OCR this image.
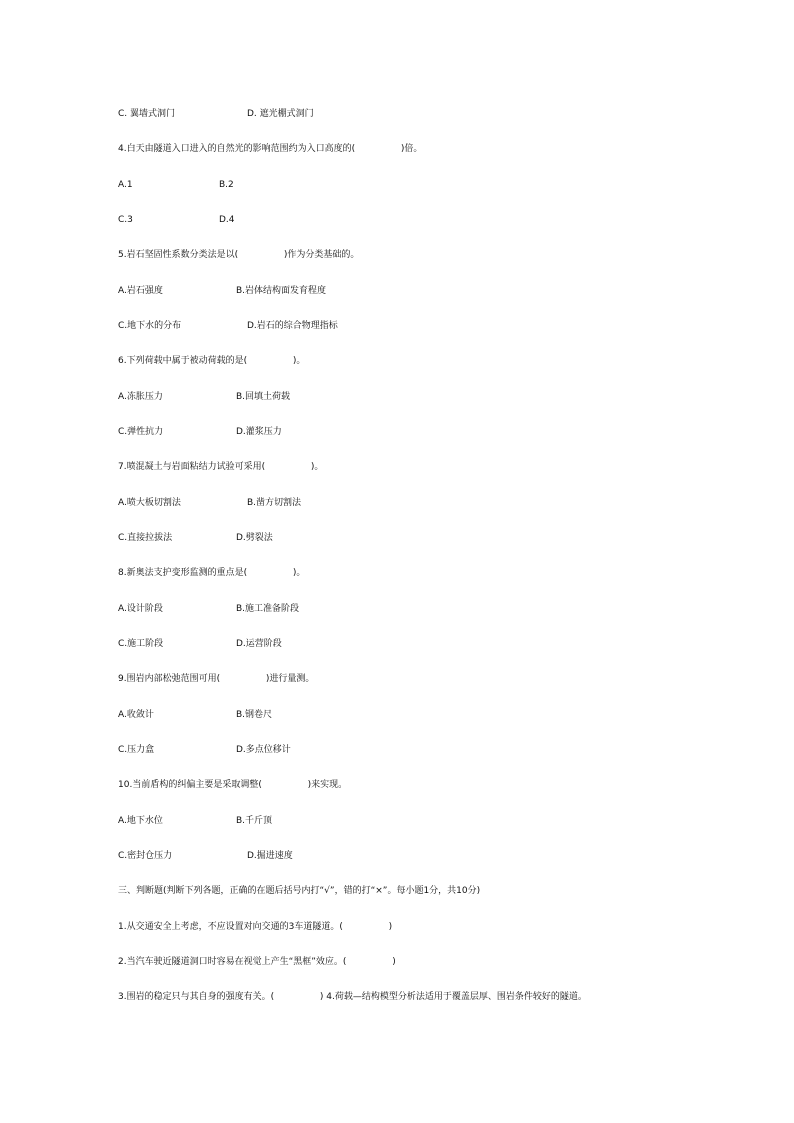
C. 翼墙式洞门	D. 遮光棚式洞门
4.白天由隧道入口进入的自然光的影响范围约为入口高度的(                )倍。
A.1	B.2
C.3	D.4
5.岩石坚固性系数分类法是以(                )作为分类基础的。
A.岩石强度	B.岩体结构面发育程度
C.地下水的分布	D.岩石的综合物理指标
6.下列荷载中属于被动荷载的是(                )。
A.冻胀压力	B.回填土荷载
C.弹性抗力	D.灌浆压力
7.喷混凝土与岩面粘结力试验可采用(                )。
A.喷大板切割法	B.凿方切割法
C.直接拉拔法	D.劈裂法
8.新奥法支护变形监测的重点是(                )。
A.设计阶段	B.施工准备阶段
C.施工阶段	D.运营阶段
9.围岩内部松弛范围可用(                )进行量测。
A.收敛计	B.钢卷尺
C.压力盒	D.多点位移计
10.当前盾构的纠偏主要是采取调整(                )来实现。
A.地下水位	B.千斤顶
C.密封仓压力	D.掘进速度
三、判断题(判断下列各题，正确的在题后括号内打“√”，错的打“×”。每小题1分，共10分)
1.从交通安全上考虑，不应设置对向交通的3车道隧道。(                )
2.当汽车驶近隧道洞口时容易在视觉上产生“黑框”效应。(                )
3.围岩的稳定只与其自身的强度有关。(                ) 4.荷载—结构模型分析法适用于覆盖层厚、围岩条件较好的隧道。
